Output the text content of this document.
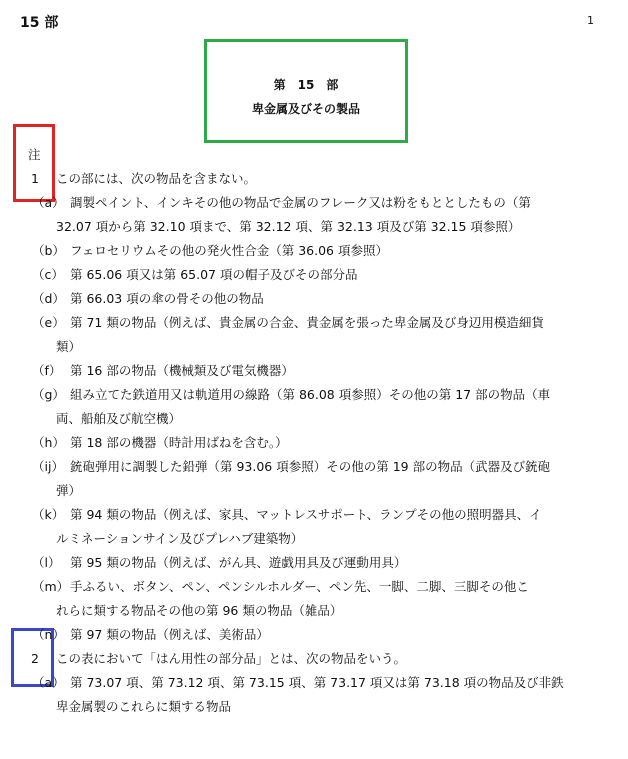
15 部	1
第　15　部
卑金属及びその製品
注
1 この部には、次の物品を含まない。
（a） 調製ペイント、インキその他の物品で金属のフレーク又は粉をもととしたもの（第
32.07 項から第 32.10 項まで、第 32.12 項、第 32.13 項及び第 32.15 項参照）
（b） フェロセリウムその他の発火性合金（第 36.06 項参照）
（c） 第 65.06 項又は第 65.07 項の帽子及びその部分品
（d） 第 66.03 項の傘の骨その他の物品
（e） 第 71 類の物品（例えば、貴金属の合金、貴金属を張った卑金属及び身辺用模造細貨
類）
（f） 第 16 部の物品（機械類及び電気機器）
（g） 組み立てた鉄道用又は軌道用の線路（第 86.08 項参照）その他の第 17 部の物品（車
両、船舶及び航空機）
（h） 第 18 部の機器（時計用ばねを含む。）
（ij） 銃砲弾用に調製した鉛弾（第 93.06 項参照）その他の第 19 部の物品（武器及び銃砲
弾）
（k） 第 94 類の物品（例えば、家具、マットレスサポート、ランプその他の照明器具、イ
ルミネーションサイン及びプレハブ建築物）
（l） 第 95 類の物品（例えば、がん具、遊戯用具及び運動用具）
（m） 手ふるい、ボタン、ペン、ペンシルホルダー、ペン先、一脚、二脚、三脚その他こ
れらに類する物品その他の第 96 類の物品（雑品）
（n） 第 97 類の物品（例えば、美術品）
2 この表において「はん用性の部分品」とは、次の物品をいう。
（a） 第 73.07 項、第 73.12 項、第 73.15 項、第 73.17 項又は第 73.18 項の物品及び非鉄
卑金属製のこれらに類する物品
